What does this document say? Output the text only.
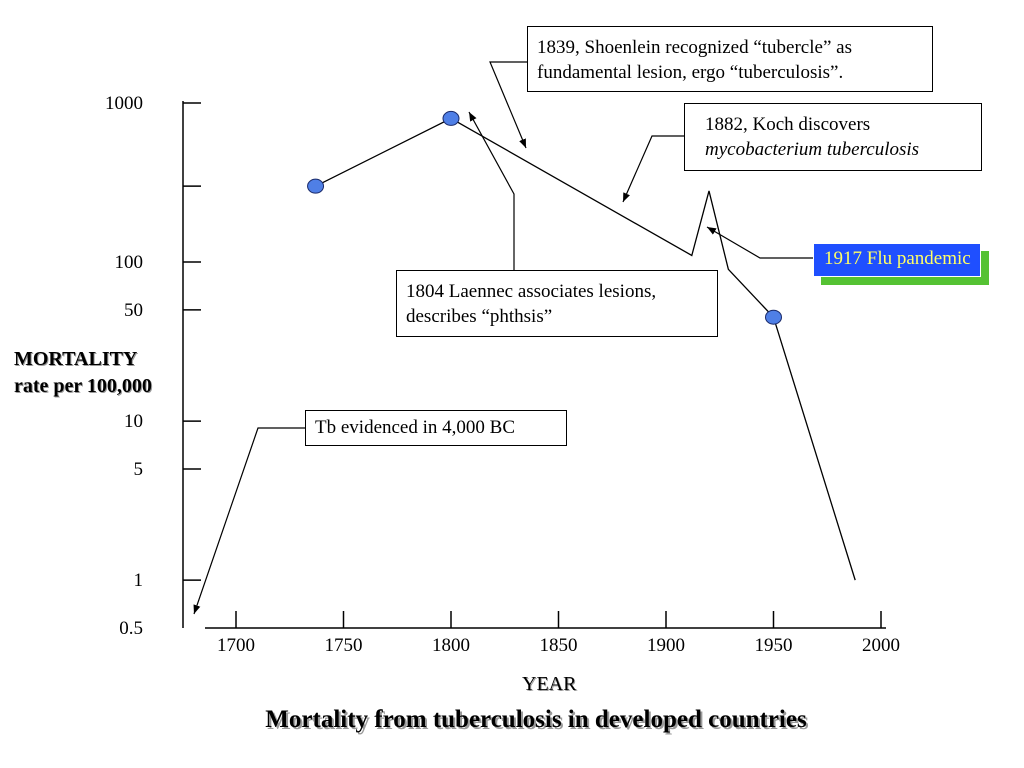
1000
100
50
10
5
1
0.5
1700	1750	1800	1850	1900	1950	2000
1839, Shoenlein recognized “tubercle” as
fundamental lesion, ergo “tuberculosis”.
1882, Koch discovers
mycobacterium tuberculosis
1804 Laennec associates lesions,
describes “phthsis”
Tb evidenced in 4,000 BC
1917 Flu pandemic
MORTALITY
rate per 100,000
YEAR
Mortality from tuberculosis in developed countries
